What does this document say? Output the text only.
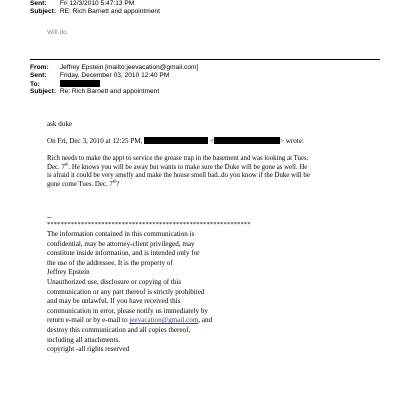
Sent: Fri 12/3/2010 5:47:13 PM
Subject: RE: Rich Barnett and appointment
Will do
From: Jeffrey Epstein [mailto:jeevacation@gmail.com]
Sent: Friday, December 03, 2010 12:40 PM
To:
Subject: Re: Rich Barnett and appointment
ask duke
On Fri, Dec 3, 2010 at 12:25 PM,	<	> wrote:
Rich needs to make the appt to service the grease trap in the basement and was looking at Tues.
Dec. 7th. He knows you will be away but wants to make sure the Duke will be gone as well. He
is afraid it could be very smelly and make the house smell bad..do you know if the Duke will be
gone come Tues. Dec. 7th?
--
************************************************************
The information contained in this communication is
confidential, may be attorney-client privileged, may
constitute inside information, and is intended only for
the use of the addressee. It is the property of
Jeffrey Epstein
Unauthorized use, disclosure or copying of this
communication or any part thereof is strictly prohibited
and may be unlawful. If you have received this
communication in error, please notify us immediately by
return e-mail or by e-mail to jeevacation@gmail.com, and
destroy this communication and all copies thereof,
including all attachments.
copyright -all rights reserved
